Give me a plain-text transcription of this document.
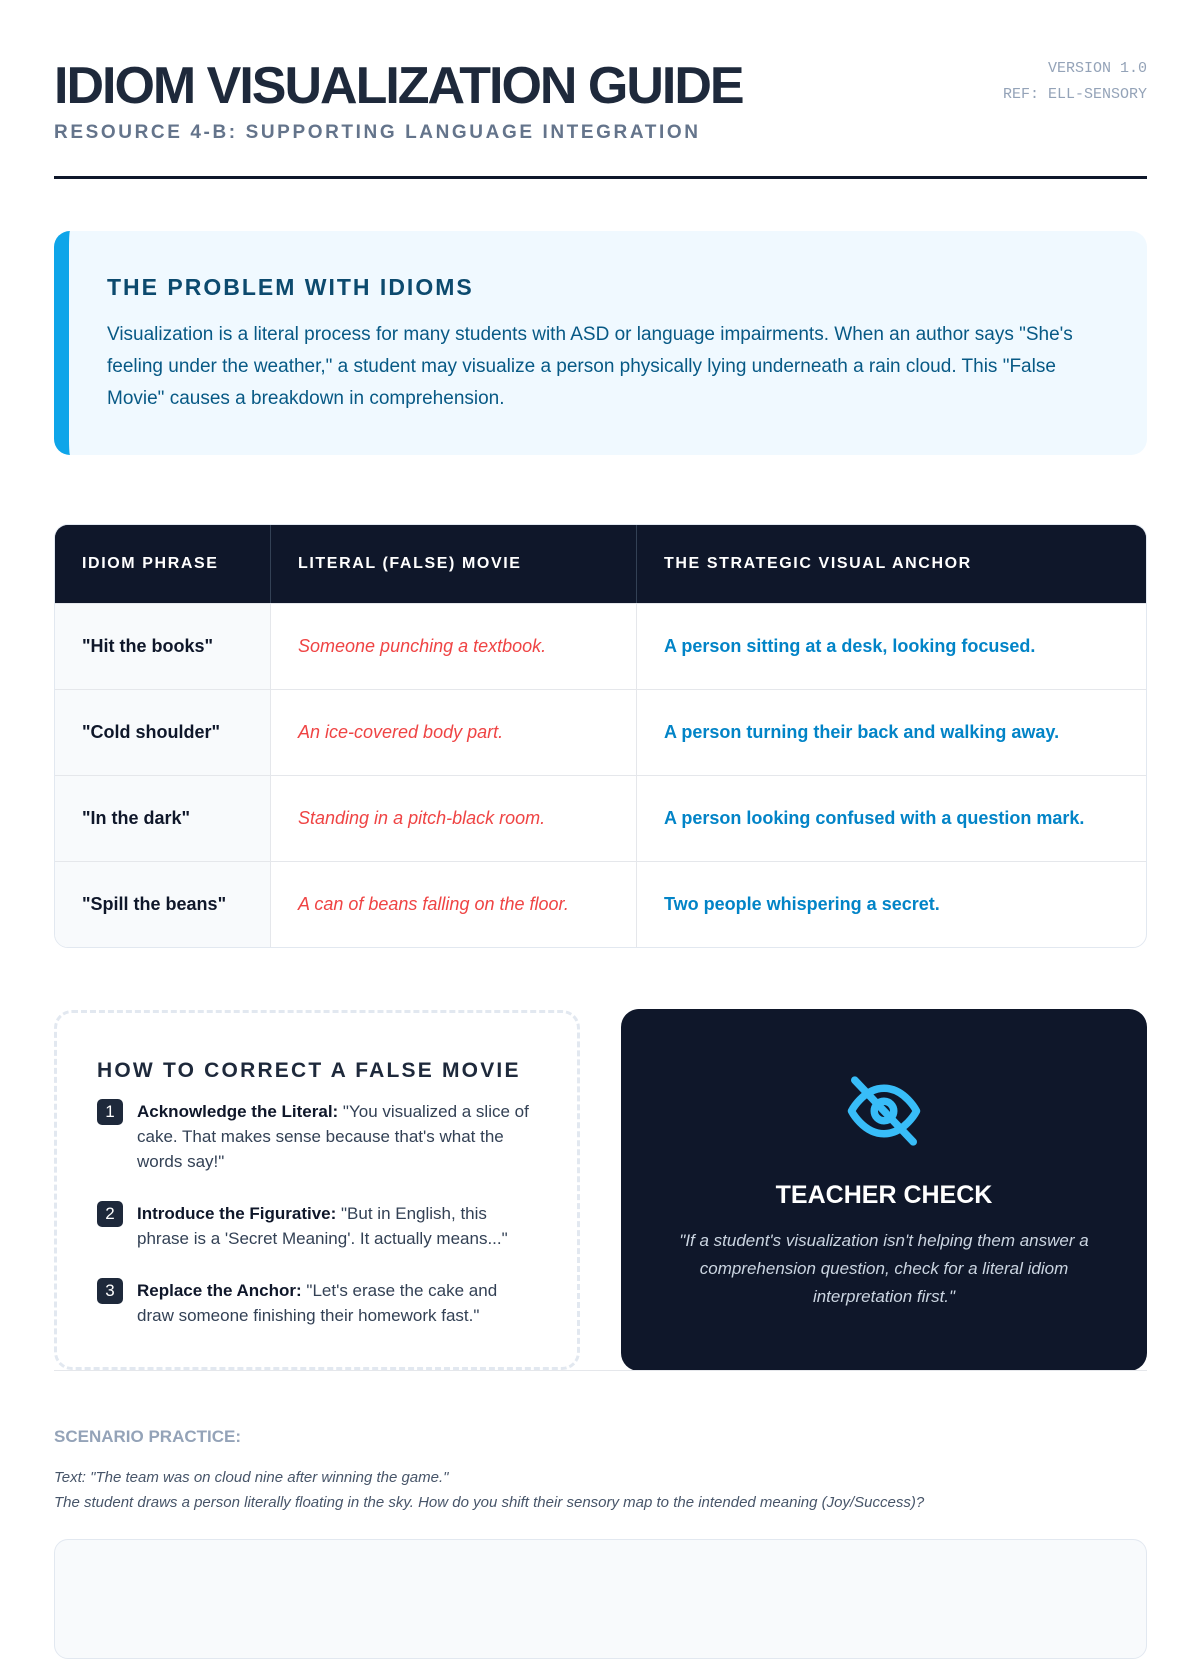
IDIOM VISUALIZATION GUIDE
RESOURCE 4-B: SUPPORTING LANGUAGE INTEGRATION
VERSION 1.0
REF: ELL-SENSORY
THE PROBLEM WITH IDIOMS
Visualization is a literal process for many students with ASD or language impairments. When an author says "She's feeling under the weather," a student may visualize a person physically lying underneath a rain cloud. This "False Movie" causes a breakdown in comprehension.
IDIOM PHRASE	LITERAL (FALSE) MOVIE	THE STRATEGIC VISUAL ANCHOR
"Hit the books"	Someone punching a textbook.	A person sitting at a desk, looking focused.
"Cold shoulder"	An ice-covered body part.	A person turning their back and walking away.
"In the dark"	Standing in a pitch-black room.	A person looking confused with a question mark.
"Spill the beans"	A can of beans falling on the floor.	Two people whispering a secret.
HOW TO CORRECT A FALSE MOVIE
1	Acknowledge the Literal: "You visualized a slice of cake. That makes sense because that's what the words say!"
2	Introduce the Figurative: "But in English, this phrase is a 'Secret Meaning'. It actually means..."
3	Replace the Anchor: "Let's erase the cake and draw someone finishing their homework fast."
TEACHER CHECK
"If a student's visualization isn't helping them answer a comprehension question, check for a literal idiom interpretation first."
SCENARIO PRACTICE:
Text: "The team was on cloud nine after winning the game."
The student draws a person literally floating in the sky. How do you shift their sensory map to the intended meaning (Joy/Success)?
